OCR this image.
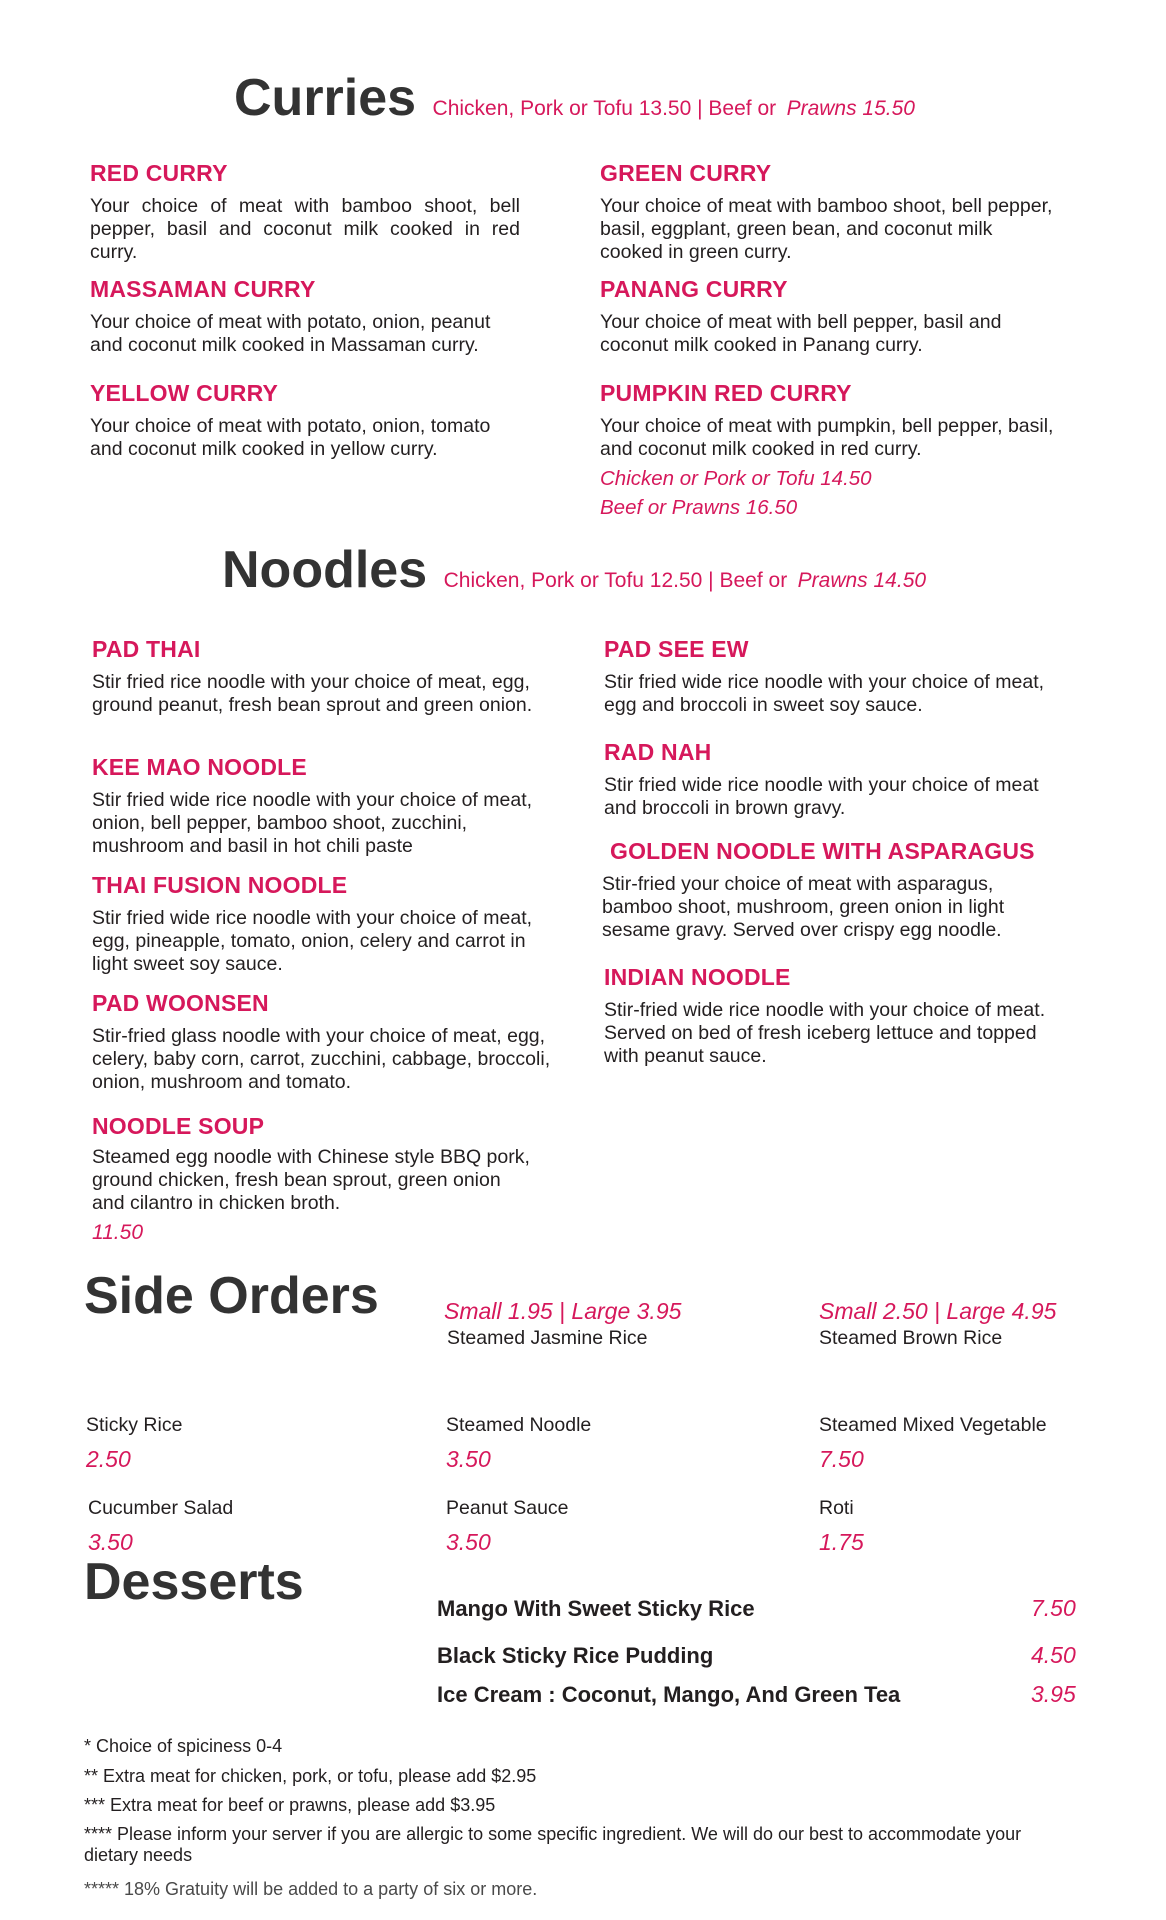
Curries Chicken, Pork or Tofu 13.50 | Beef or Prawns 15.50
RED CURRY
Your choice of meat with bamboo shoot, bell pepper, basil and coconut milk cooked in red curry.
GREEN CURRY
Your choice of meat with bamboo shoot, bell pepper, basil, eggplant, green bean, and coconut milk cooked in green curry.
MASSAMAN CURRY
Your choice of meat with potato, onion, peanut and coconut milk cooked in Massaman curry.
PANANG CURRY
Your choice of meat with bell pepper, basil and coconut milk cooked in Panang curry.
YELLOW CURRY
Your choice of meat with potato, onion, tomato and coconut milk cooked in yellow curry.
PUMPKIN RED CURRY
Your choice of meat with pumpkin, bell pepper, basil, and coconut milk cooked in red curry.
Chicken or Pork or Tofu 14.50
Beef or Prawns 16.50
Noodles Chicken, Pork or Tofu 12.50 | Beef or Prawns 14.50
PAD THAI
Stir fried rice noodle with your choice of meat, egg, ground peanut, fresh bean sprout and green onion.
PAD SEE EW
Stir fried wide rice noodle with your choice of meat, egg and broccoli in sweet soy sauce.
KEE MAO NOODLE
Stir fried wide rice noodle with your choice of meat, onion, bell pepper, bamboo shoot, zucchini, mushroom and basil in hot chili paste
RAD NAH
Stir fried wide rice noodle with your choice of meat and broccoli in brown gravy.
GOLDEN NOODLE WITH ASPARAGUS
Stir-fried your choice of meat with asparagus, bamboo shoot, mushroom, green onion in light sesame gravy. Served over crispy egg noodle.
THAI FUSION NOODLE
Stir fried wide rice noodle with your choice of meat, egg, pineapple, tomato, onion, celery and carrot in light sweet soy sauce.	INDIAN NOODLE
Stir-fried wide rice noodle with your choice of meat. Served on bed of fresh iceberg lettuce and topped with peanut sauce.
PAD WOONSEN
Stir-fried glass noodle with your choice of meat, egg, celery, baby corn, carrot, zucchini, cabbage, broccoli, onion, mushroom and tomato.
NOODLE SOUP
Steamed egg noodle with Chinese style BBQ pork, ground chicken, fresh bean sprout, green onion and cilantro in chicken broth.
11.50
Side Orders	Small 1.95 | Large 3.95
Steamed Jasmine Rice
Small 2.50 | Large 4.95
Steamed Brown Rice
Sticky Rice
2.50
Steamed Noodle
3.50
Steamed Mixed Vegetable
7.50
Cucumber Salad
3.50
Peanut Sauce
3.50
Roti
1.75
Desserts	Mango With Sweet Sticky Rice	7.50
Black Sticky Rice Pudding	4.50
Ice Cream : Coconut, Mango, And Green Tea	3.95
* Choice of spiciness 0-4
** Extra meat for chicken, pork, or tofu, please add $2.95
*** Extra meat for beef or prawns, please add $3.95
**** Please inform your server if you are allergic to some specific ingredient. We will do our best to accommodate your dietary needs
***** 18% Gratuity will be added to a party of six or more.
